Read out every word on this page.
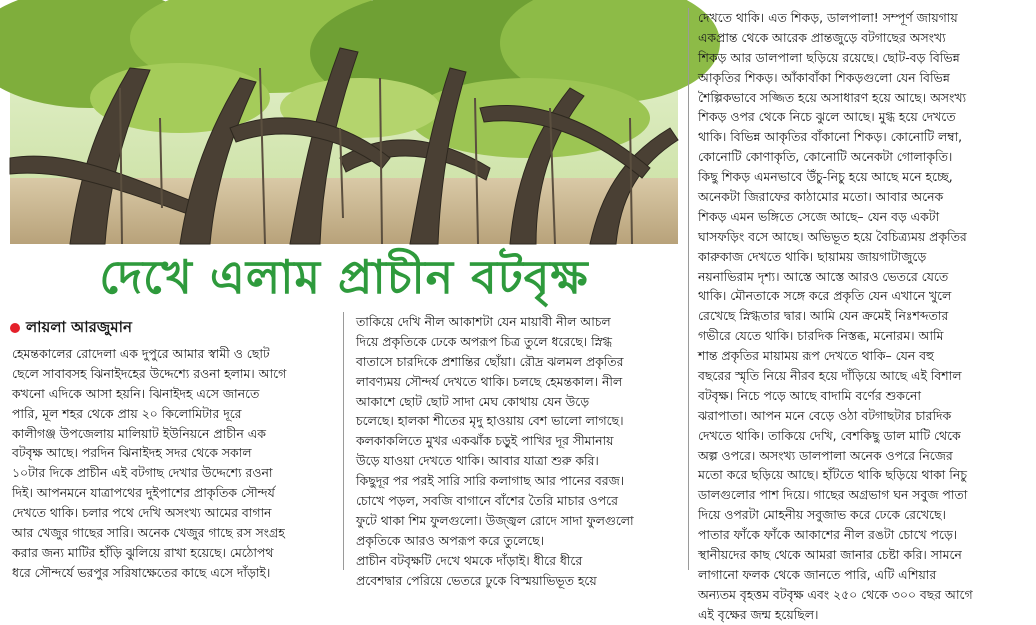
দেখে এলাম প্রাচীন বটবৃক্ষ
লায়লা আরজুমান
হেমন্তকালের রোদেলা এক দুপুরে আমার স্বামী ও ছোট
ছেলে সাবাবসহ ঝিনাইদহের উদ্দেশ্যে রওনা হলাম। আগে
কখনো এদিকে আসা হয়নি। ঝিনাইদহ এসে জানতে
পারি, মূল শহর থেকে প্রায় ২০ কিলোমিটার দূরে
কালীগঞ্জ উপজেলায় মালিয়াট ইউনিয়নে প্রাচীন এক
বটবৃক্ষ আছে। পরদিন ঝিনাইদহ সদর থেকে সকাল
১০টার দিকে প্রাচীন এই বটগাছ দেখার উদ্দেশ্যে রওনা
দিই। আপনমনে যাত্রাপথের দুইপাশের প্রাকৃতিক সৌন্দর্য
দেখতে থাকি। চলার পথে দেখি অসংখ্য আমের বাগান
আর খেজুর গাছের সারি। অনেক খেজুর গাছে রস সংগ্রহ
করার জন্য মাটির হাঁড়ি ঝুলিয়ে রাখা হয়েছে। মেঠোপথ
ধরে সৌন্দর্যে ভরপুর সরিষাক্ষেতের কাছে এসে দাঁড়াই।
তাকিয়ে দেখি নীল আকাশটা যেন মায়াবী নীল আচল
দিয়ে প্রকৃতিকে ঢেকে অপরূপ চিত্র তুলে ধরেছে। স্নিগ্ধ
বাতাসে চারদিকে প্রশান্তির ছোঁয়া। রৌদ্র ঝলমল প্রকৃতির
লাবণ্যময় সৌন্দর্য দেখতে থাকি। চলছে হেমন্তকাল। নীল
আকাশে ছোট ছোট সাদা মেঘ কোথায় যেন উড়ে
চলেছে। হালকা শীতের মৃদু হাওয়ায় বেশ ভালো লাগছে।
কলকাকলিতে মুখর একঝাঁক চড়ুই পাখির দূর সীমানায়
উড়ে যাওয়া দেখতে থাকি। আবার যাত্রা শুরু করি।
কিছুদূর পর পরই সারি সারি কলাগাছ আর পানের বরজ।
চোখে পড়ল, সবজি বাগানে বাঁশের তৈরি মাচার ওপরে
ফুটে থাকা শিম ফুলগুলো। উজ্জ্বল রোদে সাদা ফুলগুলো
প্রকৃতিকে আরও অপরূপ করে তুলেছে।
প্রাচীন বটবৃক্ষটি দেখে থমকে দাঁড়াই। ধীরে ধীরে
প্রবেশদ্বার পেরিয়ে ভেতরে ঢুকে বিস্ময়াভিভূত হয়ে
দেখতে থাকি। এত শিকড়, ডালপালা! সম্পূর্ণ জায়গায়
একপ্রান্ত থেকে আরেক প্রান্তজুড়ে বটগাছের অসংখ্য
শিকড় আর ডালপালা ছড়িয়ে রয়েছে। ছোট-বড় বিভিন্ন
আকৃতির শিকড়। আঁকাবাঁকা শিকড়গুলো যেন বিভিন্ন
শৈল্পিকভাবে সজ্জিত হয়ে অসাধারণ হয়ে আছে। অসংখ্য
শিকড় ওপর থেকে নিচে ঝুলে আছে। মুগ্ধ হয়ে দেখতে
থাকি। বিভিন্ন আকৃতির বাঁকানো শিকড়। কোনোটি লম্বা,
কোনোটি কোণাকৃতি, কোনোটি অনেকটা গোলাকৃতি।
কিছু শিকড় এমনভাবে উঁচু-নিচু হয়ে আছে মনে হচ্ছে,
অনেকটা জিরাফের কাঠামোর মতো। আবার অনেক
শিকড় এমন ভঙ্গিতে সেজে আছে– যেন বড় একটা
ঘাসফড়িং বসে আছে। অভিভূত হয়ে বৈচিত্র্যময় প্রকৃতির
কারুকাজ দেখতে থাকি। ছায়াময় জায়গাটাজুড়ে
নয়নাভিরাম দৃশ্য। আস্তে আস্তে আরও ভেতরে যেতে
থাকি। মৌনতাকে সঙ্গে করে প্রকৃতি যেন এখানে খুলে
রেখেছে স্নিগ্ধতার দ্বার। আমি যেন ক্রমেই নিঃশব্দতার
গভীরে যেতে থাকি। চারদিক নিস্তব্ধ, মনোরম। আমি
শান্ত প্রকৃতির মায়াময় রূপ দেখতে থাকি– যেন বহু
বছরের স্মৃতি নিয়ে নীরব হয়ে দাঁড়িয়ে আছে এই বিশাল
বটবৃক্ষ। নিচে পড়ে আছে বাদামি বর্ণের শুকনো
ঝরাপাতা। আপন মনে বেড়ে ওঠা বটগাছটার চারদিক
দেখতে থাকি। তাকিয়ে দেখি, বেশকিছু ডাল মাটি থেকে
অল্প ওপরে। অসংখ্য ডালপালা অনেক ওপরে নিজের
মতো করে ছড়িয়ে আছে। হাঁটতে থাকি ছড়িয়ে থাকা নিচু
ডালগুলোর পাশ দিয়ে। গাছের অগ্রভাগ ঘন সবুজ পাতা
দিয়ে ওপরটা মোহনীয় সবুজাভ করে ঢেকে রেখেছে।
পাতার ফাঁকে ফাঁকে আকাশের নীল রঙটা চোখে পড়ে।
স্থানীয়দের কাছ থেকে আমরা জানার চেষ্টা করি। সামনে
লাগানো ফলক থেকে জানতে পারি, এটি এশিয়ার
অন্যতম বৃহত্তম বটবৃক্ষ এবং ২৫০ থেকে ৩০০ বছর আগে
এই বৃক্ষের জন্ম হয়েছিল।
